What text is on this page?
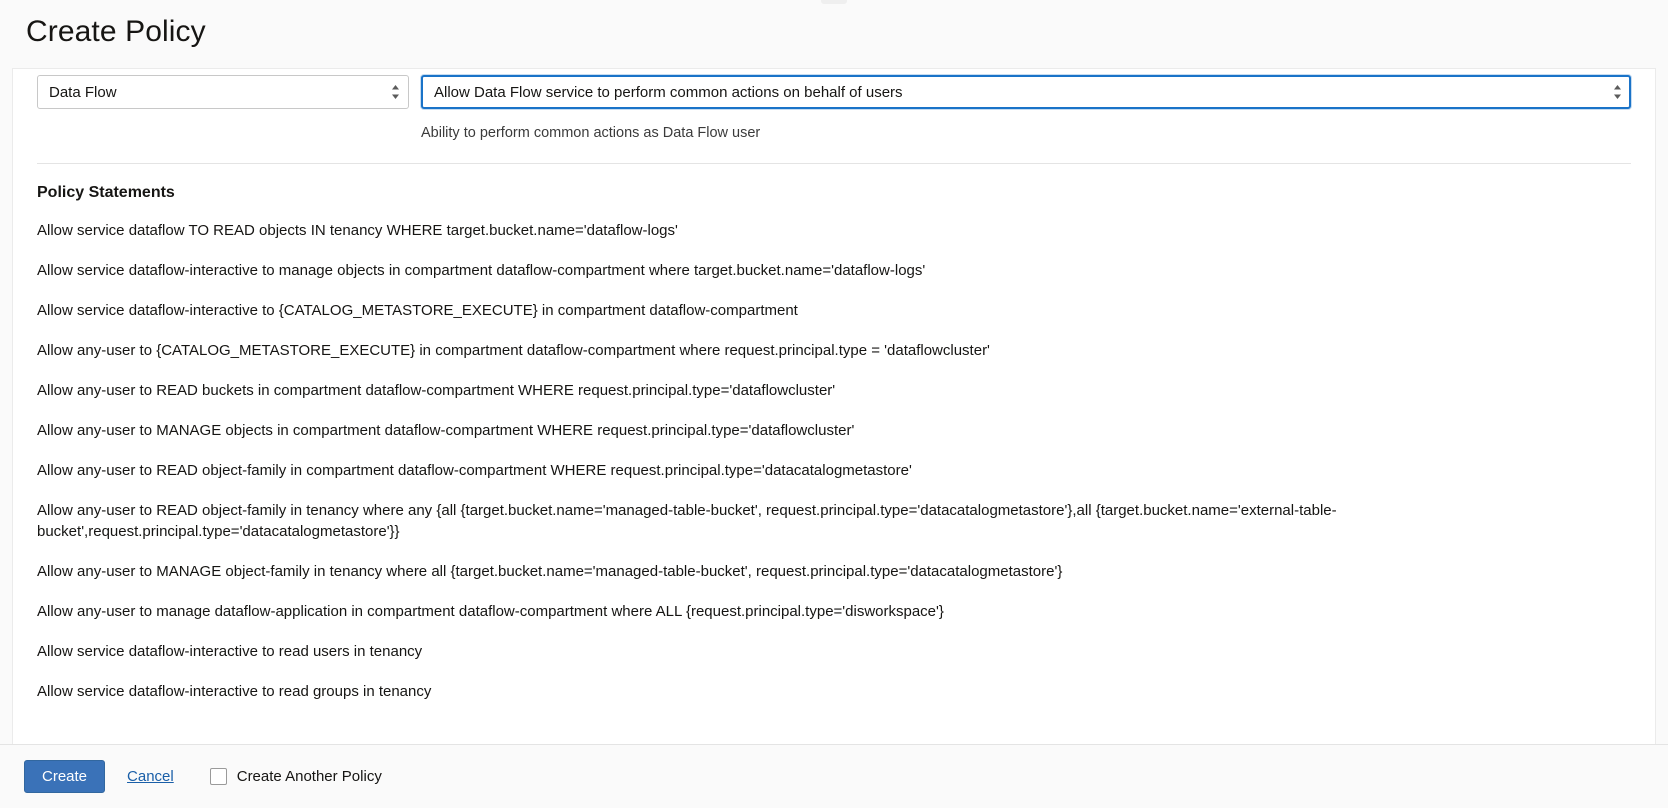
Create Policy
Data Flow	Allow Data Flow service to perform common actions on behalf of users
Ability to perform common actions as Data Flow user
Policy Statements
Allow service dataflow TO READ objects IN tenancy WHERE target.bucket.name='dataflow-logs'
Allow service dataflow-interactive to manage objects in compartment dataflow-compartment where target.bucket.name='dataflow-logs'
Allow service dataflow-interactive to {CATALOG_METASTORE_EXECUTE} in compartment dataflow-compartment
Allow any-user to {CATALOG_METASTORE_EXECUTE} in compartment dataflow-compartment where request.principal.type = 'dataflowcluster'
Allow any-user to READ buckets in compartment dataflow-compartment WHERE request.principal.type='dataflowcluster'
Allow any-user to MANAGE objects in compartment dataflow-compartment WHERE request.principal.type='dataflowcluster'
Allow any-user to READ object-family in compartment dataflow-compartment WHERE request.principal.type='datacatalogmetastore'
Allow any-user to READ object-family in tenancy where any {all {target.bucket.name='managed-table-bucket', request.principal.type='datacatalogmetastore'},all {target.bucket.name='external-table-bucket',request.principal.type='datacatalogmetastore'}}
Allow any-user to MANAGE object-family in tenancy where all {target.bucket.name='managed-table-bucket', request.principal.type='datacatalogmetastore'}
Allow any-user to manage dataflow-application in compartment dataflow-compartment where ALL {request.principal.type='disworkspace'}
Allow service dataflow-interactive to read users in tenancy
Allow service dataflow-interactive to read groups in tenancy
Create	Cancel	Create Another Policy
